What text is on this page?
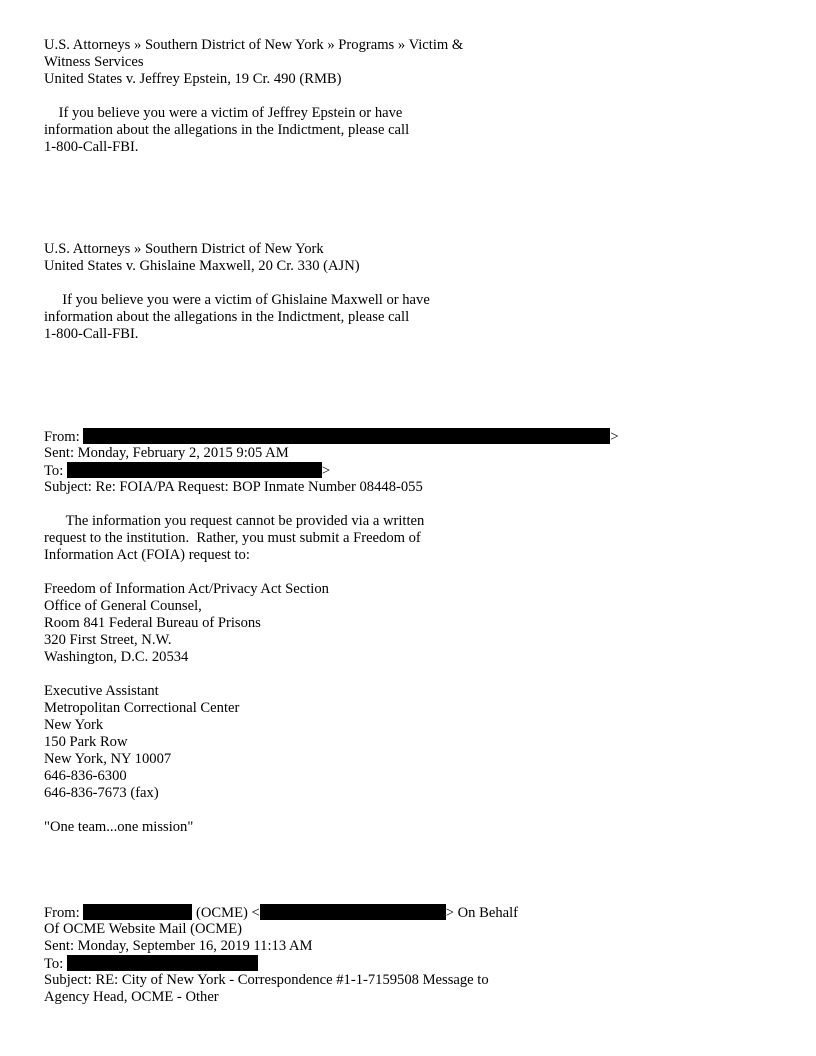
U.S. Attorneys » Southern District of New York » Programs » Victim &
Witness Services
United States v. Jeffrey Epstein, 19 Cr. 490 (RMB)
If you believe you were a victim of Jeffrey Epstein or have
information about the allegations in the Indictment, please call
1-800-Call-FBI.
U.S. Attorneys » Southern District of New York
United States v. Ghislaine Maxwell, 20 Cr. 330 (AJN)
If you believe you were a victim of Ghislaine Maxwell or have
information about the allegations in the Indictment, please call
1-800-Call-FBI.
From:	>
Sent: Monday, February 2, 2015 9:05 AM
To:	>
Subject: Re: FOIA/PA Request: BOP Inmate Number 08448-055
The information you request cannot be provided via a written
request to the institution.  Rather, you must submit a Freedom of
Information Act (FOIA) request to:
Freedom of Information Act/Privacy Act Section
Office of General Counsel,
Room 841 Federal Bureau of Prisons
320 First Street, N.W.
Washington, D.C. 20534
Executive Assistant
Metropolitan Correctional Center
New York
150 Park Row
New York, NY 10007
646-836-6300
646-836-7673 (fax)
"One team...one mission"
From:	(OCME) <	> On Behalf
Of OCME Website Mail (OCME)
Sent: Monday, September 16, 2019 11:13 AM
To:
Subject: RE: City of New York - Correspondence #1-1-7159508 Message to
Agency Head, OCME - Other
